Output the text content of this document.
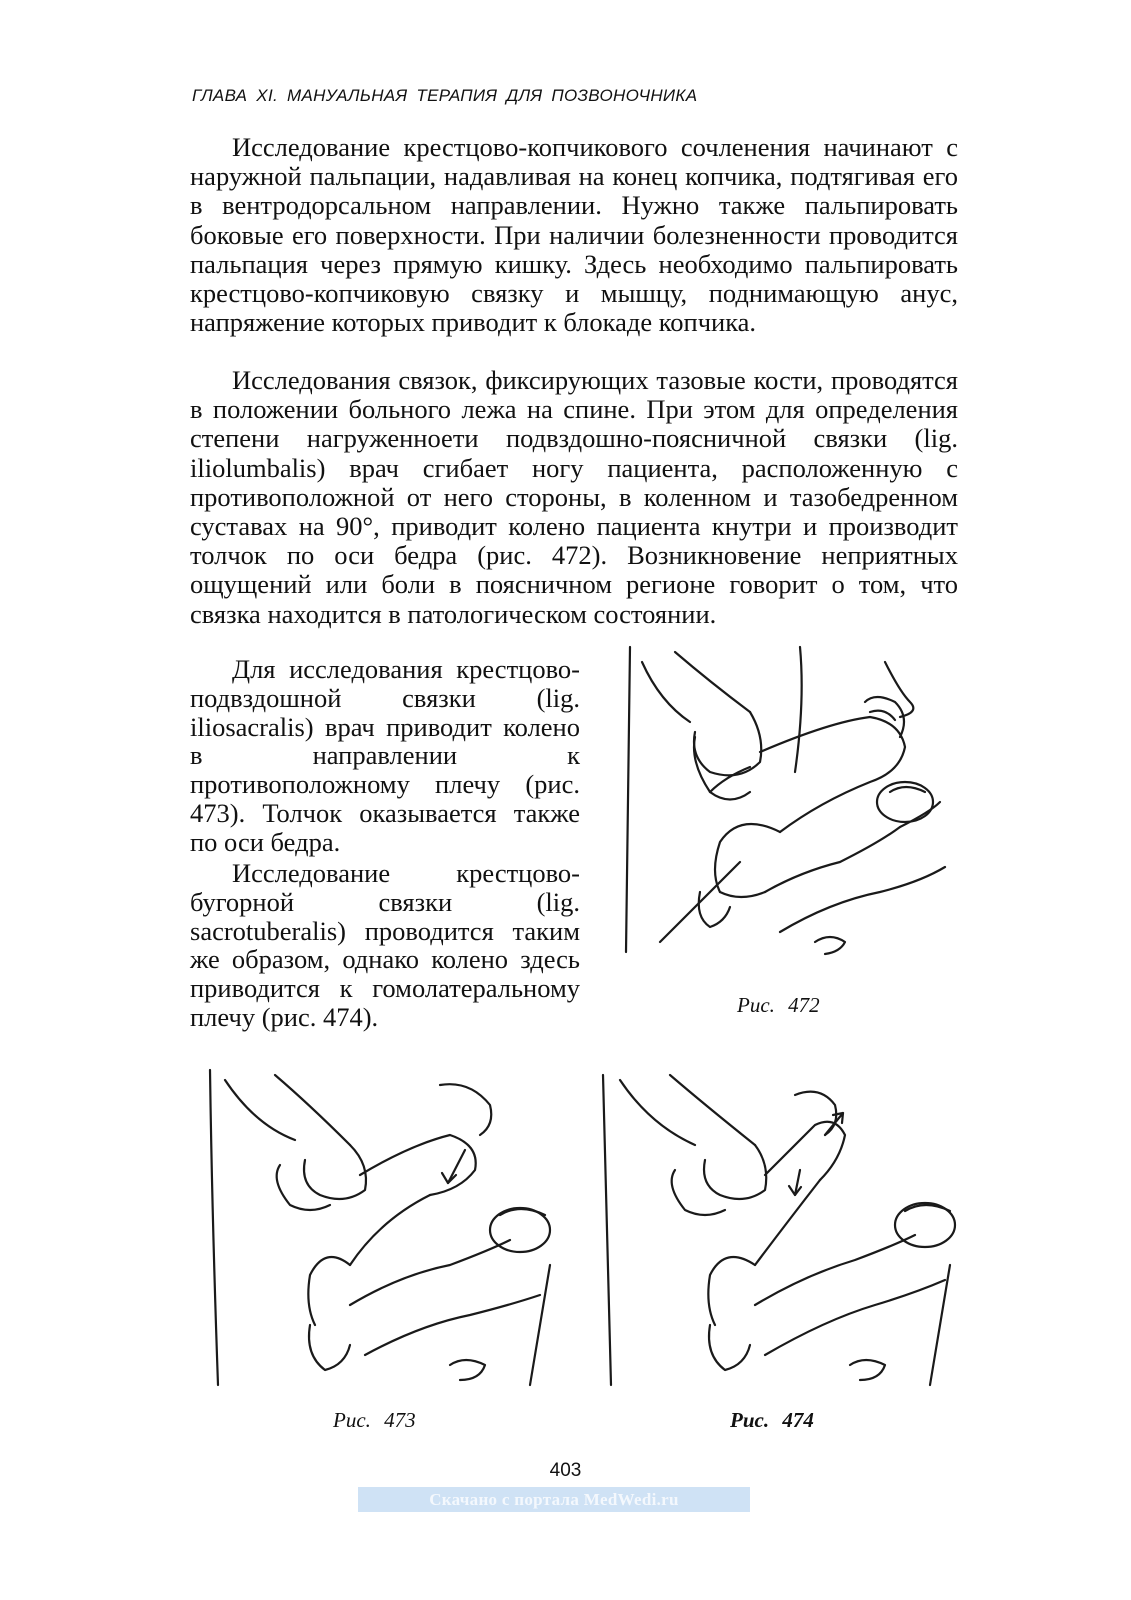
ГЛАВА XI. МАНУАЛЬНАЯ ТЕРАПИЯ ДЛЯ ПОЗВОНОЧНИКА

Исследование крестцово-копчикового сочленения начинают с наружной пальпации, надавливая на конец копчика, подтягивая его в вентродорсальном направлении. Нужно также пальпировать боковые его поверхности. При наличии болезненности проводится пальпация через прямую кишку. Здесь необходимо пальпировать крестцово-копчиковую связку и мышцу, поднимающую анус, напряжение которых приводит к блокаде копчика.

Исследования связок, фиксирующих тазовые кости, проводятся в положении больного лежа на спине. При этом для определения степени нагруженноети подвздошно-поясничной связки (lig. iliolumbalis) врач сгибает ногу пациента, расположенную с противоположной от него стороны, в коленном и тазобедренном суставах на 90°, приводит колено пациента кнутри и производит толчок по оси бедра (рис. 472). Возникновение неприятных ощущений или боли в поясничном регионе говорит о том, что связка находится в патологическом состоянии.

Для исследования крестцово-подвздошной связки (lig. iliosacralis) врач приводит колено в направлении к противоположному плечу (рис. 473). Толчок оказывается также по оси бедра.

Исследование крестцово-бугорной связки (lig. sacrotuberalis) проводится таким же образом, однако колено здесь приводится к гомолатеральному плечу (рис. 474).	Рис. 472

Рис. 473	Рис. 474

403

Скачано с портала MedWedi.ru
